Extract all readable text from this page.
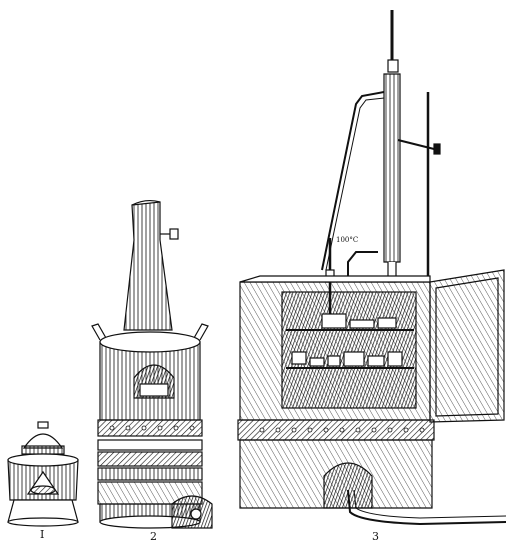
100°C
I	2	3
